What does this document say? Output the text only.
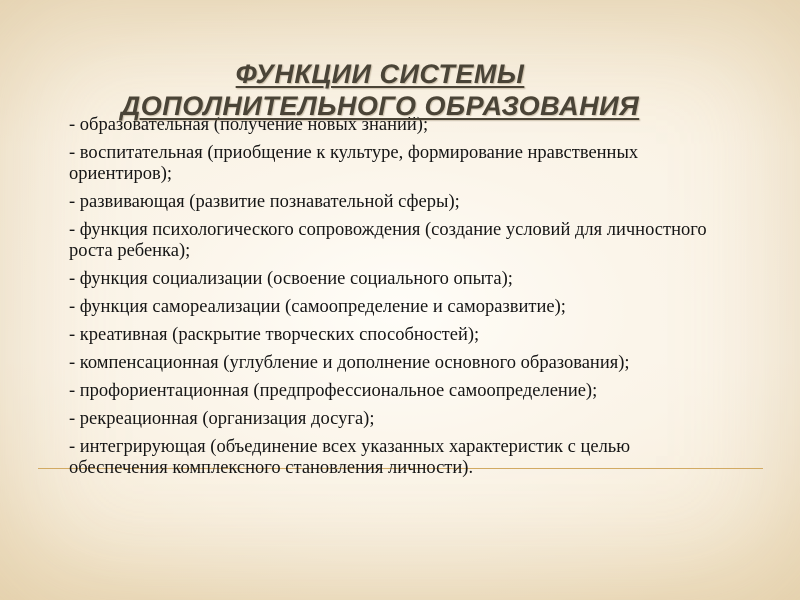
- образовательная (получение новых знаний);

- воспитательная (приобщение к культуре, формирование нравственных ориентиров);

- развивающая (развитие познавательной сферы);

- функция психологического сопровождения (создание условий для личностного роста ребенка);

- функция социализации (освоение социального опыта);

- функция самореализации (самоопределение и саморазвитие);

- креативная (раскрытие творческих способностей);

- компенсационная (углубление и дополнение основного образования);

- профориентационная (предпрофессиональное самоопределение);

- рекреационная (организация досуга);

- интегрирующая (объединение всех указанных характеристик с целью обеспечения комплексного становления личности).

ФУНКЦИИ СИСТЕМЫ
ДОПОЛНИТЕЛЬНОГО ОБРАЗОВАНИЯ
